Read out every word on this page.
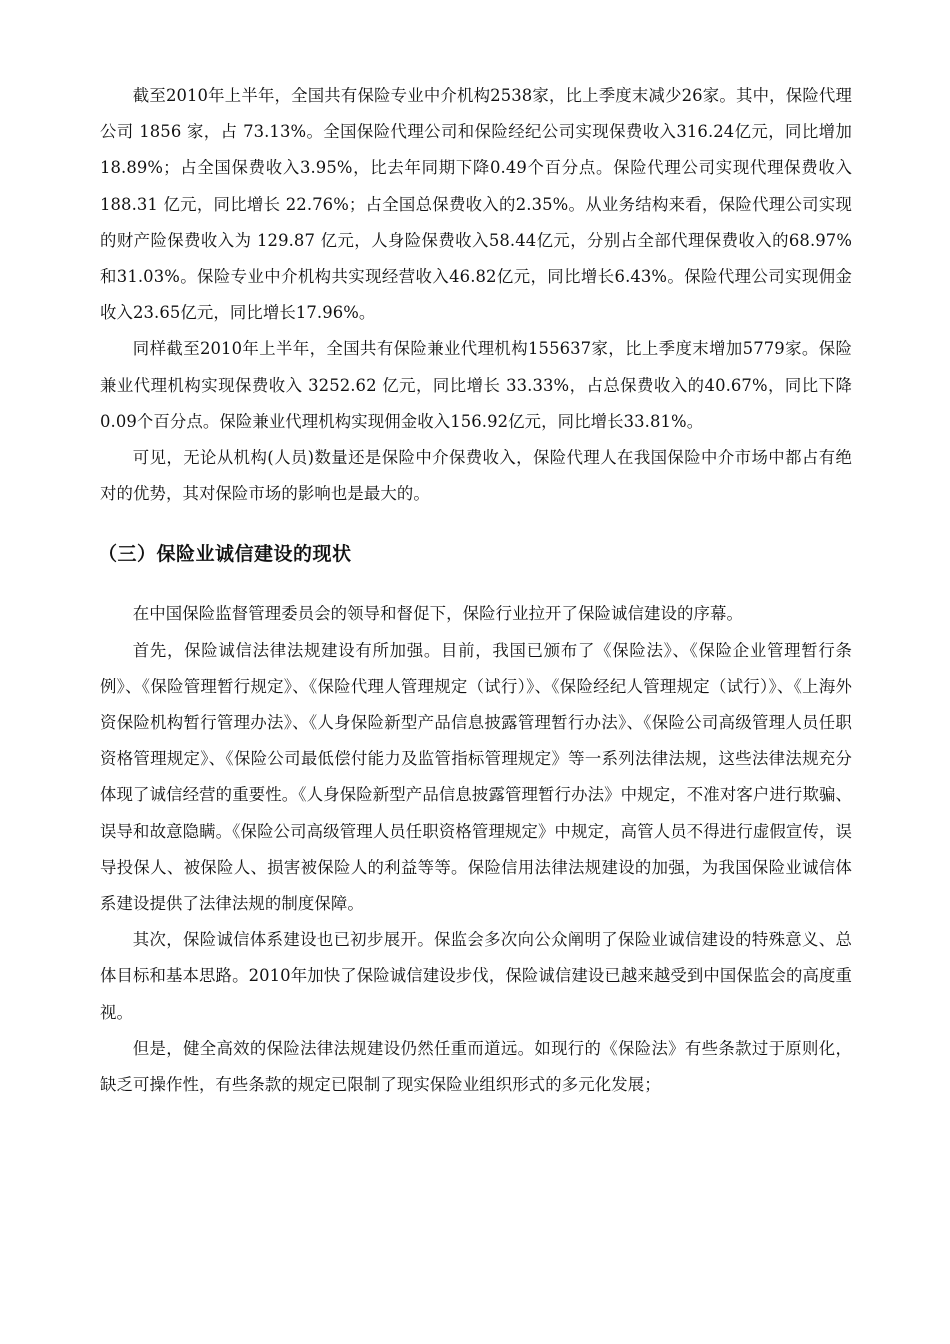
截至2010年上半年，全国共有保险专业中介机构2538家，比上季度末减少26家。其中，保险代理公司 1856 家，占 73.13%。全国保险代理公司和保险经纪公司实现保费收入316.24亿元，同比增加18.89%；占全国保费收入3.95%，比去年同期下降0.49个百分点。保险代理公司实现代理保费收入 188.31 亿元，同比增长 22.76%；占全国总保费收入的2.35%。从业务结构来看，保险代理公司实现的财产险保费收入为 129.87 亿元，人身险保费收入58.44亿元，分别占全部代理保费收入的68.97%和31.03%。保险专业中介机构共实现经营收入46.82亿元，同比增长6.43%。保险代理公司实现佣金收入23.65亿元，同比增长17.96%。

同样截至2010年上半年，全国共有保险兼业代理机构155637家，比上季度末增加5779家。保险兼业代理机构实现保费收入 3252.62 亿元，同比增长 33.33%，占总保费收入的40.67%，同比下降0.09个百分点。保险兼业代理机构实现佣金收入156.92亿元，同比增长33.81%。

可见，无论从机构(人员)数量还是保险中介保费收入，保险代理人在我国保险中介市场中都占有绝对的优势，其对保险市场的影响也是最大的。

（三）保险业诚信建设的现状

在中国保险监督管理委员会的领导和督促下，保险行业拉开了保险诚信建设的序幕。

首先，保险诚信法律法规建设有所加强。目前，我国已颁布了《保险法》、《保险企业管理暂行条例》、《保险管理暂行规定》、《保险代理人管理规定（试行）》、《保险经纪人管理规定（试行）》、《上海外资保险机构暂行管理办法》、《人身保险新型产品信息披露管理暂行办法》、《保险公司高级管理人员任职资格管理规定》、《保险公司最低偿付能力及监管指标管理规定》等一系列法律法规，这些法律法规充分体现了诚信经营的重要性。《人身保险新型产品信息披露管理暂行办法》中规定，不准对客户进行欺骗、误导和故意隐瞒。《保险公司高级管理人员任职资格管理规定》中规定，高管人员不得进行虚假宣传，误导投保人、被保险人、损害被保险人的利益等等。保险信用法律法规建设的加强，为我国保险业诚信体系建设提供了法律法规的制度保障。

其次，保险诚信体系建设也已初步展开。保监会多次向公众阐明了保险业诚信建设的特殊意义、总体目标和基本思路。2010年加快了保险诚信建设步伐，保险诚信建设已越来越受到中国保监会的高度重视。

但是，健全高效的保险法律法规建设仍然任重而道远。如现行的《保险法》有些条款过于原则化，缺乏可操作性，有些条款的规定已限制了现实保险业组织形式的多元化发展；
